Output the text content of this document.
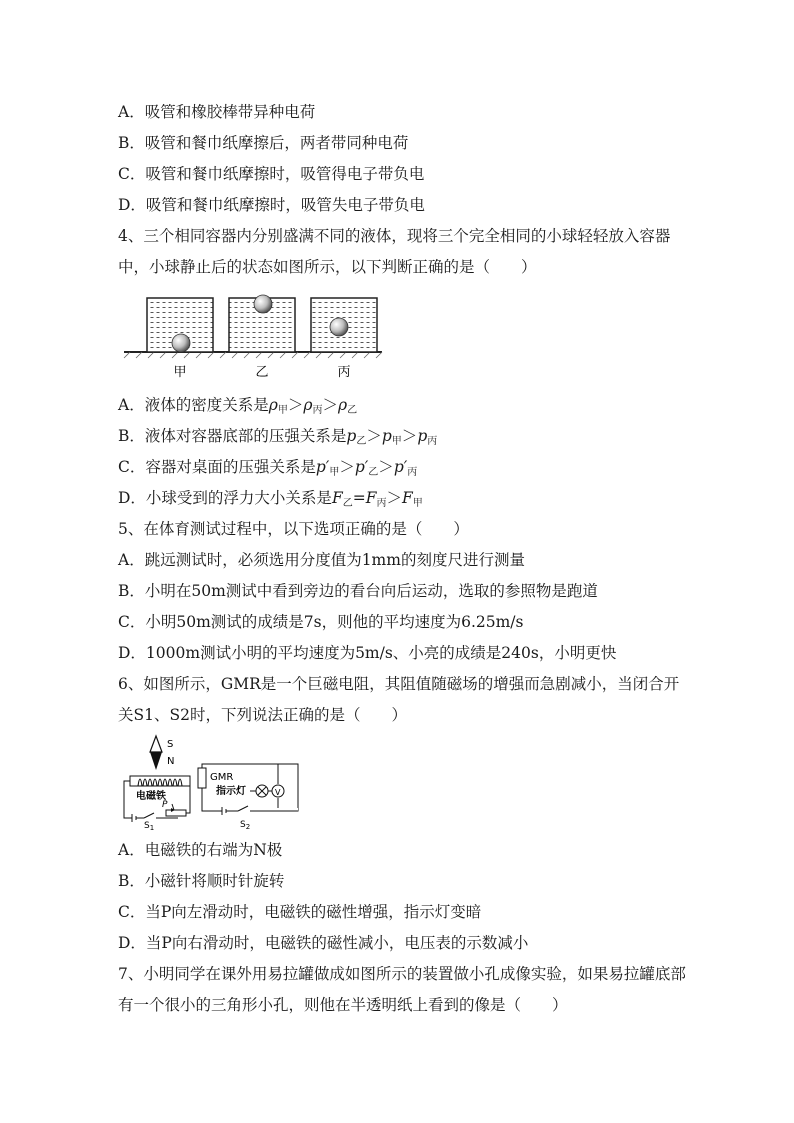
A．吸管和橡胶棒带异种电荷
B．吸管和餐巾纸摩擦后，两者带同种电荷
C．吸管和餐巾纸摩擦时，吸管得电子带负电
D．吸管和餐巾纸摩擦时，吸管失电子带负电
4、三个相同容器内分别盛满不同的液体，现将三个完全相同的小球轻轻放入容器中，小球静止后的状态如图所示，以下判断正确的是（　　）
甲	乙	丙
A．液体的密度关系是$\rho_甲>\rho_丙>\rho_乙$
B．液体对容器底部的压强关系是$p_乙>p_甲>p_丙$
C．容器对桌面的压强关系是$p'_甲>p'_乙>p'_丙$
D．小球受到的浮力大小关系是$F_乙=F_丙>F_甲$
5、在体育测试过程中，以下选项正确的是（　　）
A．跳远测试时，必须选用分度值为1mm的刻度尺进行测量
B．小明在50m测试中看到旁边的看台向后运动，选取的参照物是跑道
C．小明50m测试的成绩是7s，则他的平均速度为6.25m/s
D．1000m测试小明的平均速度为5m/s、小亮的成绩是240s，小明更快
6、如图所示，GMR是一个巨磁电阻，其阻值随磁场的增强而急剧减小，当闭合开关S1、S2时，下列说法正确的是（　　）
S
N
电磁铁
P
$S_1$
GMR
指示灯	V
$S_2$
A．电磁铁的右端为N极
B．小磁针将顺时针旋转
C．当P向左滑动时，电磁铁的磁性增强，指示灯变暗
D．当P向右滑动时，电磁铁的磁性减小，电压表的示数减小
7、小明同学在课外用易拉罐做成如图所示的装置做小孔成像实验，如果易拉罐底部有一个很小的三角形小孔，则他在半透明纸上看到的像是（　　）
